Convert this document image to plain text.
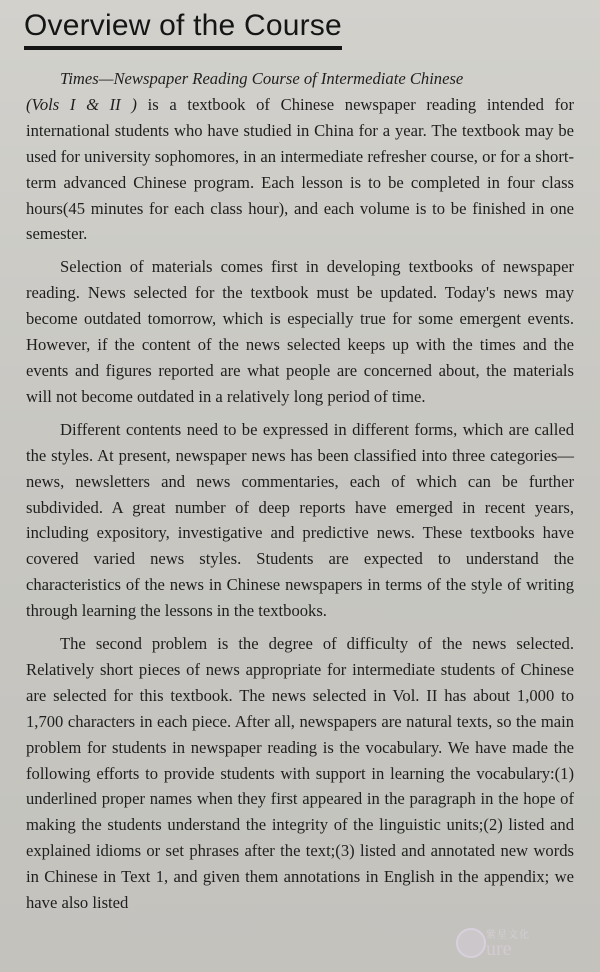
Overview of the Course

Times—Newspaper Reading Course of Intermediate Chinese
(Vols I & II ) is a textbook of Chinese newspaper reading intended for international students who have studied in China for a year. The textbook may be used for university sophomores, in an intermediate refresher course, or for a short-term advanced Chinese program. Each lesson is to be completed in four class hours(45 minutes for each class hour), and each volume is to be finished in one semester.

Selection of materials comes first in developing textbooks of newspaper reading. News selected for the textbook must be updated. Today's news may become outdated tomorrow, which is especially true for some emergent events. However, if the content of the news selected keeps up with the times and the events and figures reported are what people are concerned about, the materials will not become outdated in a relatively long period of time.

Different contents need to be expressed in different forms, which are called the styles. At present, newspaper news has been classified into three categories—news, newsletters and news commentaries, each of which can be further subdivided. A great number of deep reports have emerged in recent years, including expository, investigative and predictive news. These textbooks have covered varied news styles. Students are expected to understand the characteristics of the news in Chinese newspapers in terms of the style of writing through learning the lessons in the textbooks.

The second problem is the degree of difficulty of the news selected. Relatively short pieces of news appropriate for intermediate students of Chinese are selected for this textbook. The news selected in Vol. II has about 1,000 to 1,700 characters in each piece. After all, newspapers are natural texts, so the main problem for students in newspaper reading is the vocabulary. We have made the following efforts to provide students with support in learning the vocabulary:(1) underlined proper names when they first appeared in the paragraph in the hope of making the students understand the integrity of the linguistic units;(2) listed and explained idioms or set phrases after the text;(3) listed and annotated new words in Chinese in Text 1, and given them annotations in English in the appendix; we have also listed

紫星文化
ure
